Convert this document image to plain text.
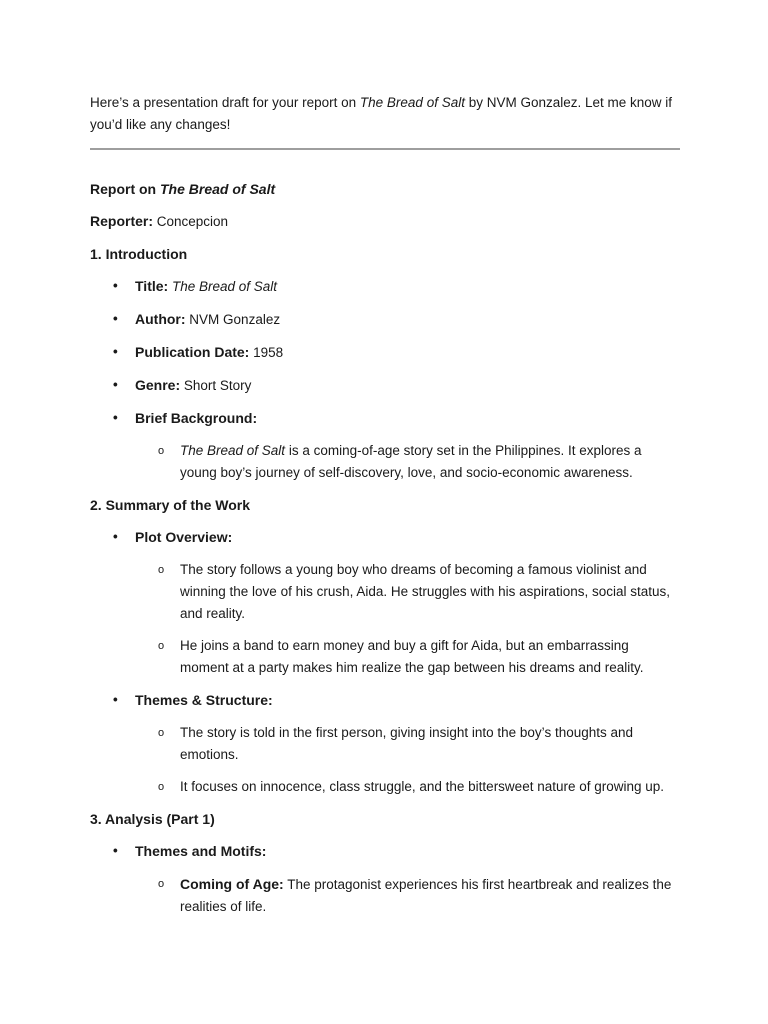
Here’s a presentation draft for your report on The Bread of Salt by NVM Gonzalez. Let me know if you’d like any changes!

Report on The Bread of Salt

Reporter: Concepcion

1. Introduction

• Title: The Bread of Salt
• Author: NVM Gonzalez
• Publication Date: 1958
• Genre: Short Story
• Brief Background:
o The Bread of Salt is a coming-of-age story set in the Philippines. It explores a young boy’s journey of self-discovery, love, and socio-economic awareness.

2. Summary of the Work

• Plot Overview:
o The story follows a young boy who dreams of becoming a famous violinist and winning the love of his crush, Aida. He struggles with his aspirations, social status, and reality.
o He joins a band to earn money and buy a gift for Aida, but an embarrassing moment at a party makes him realize the gap between his dreams and reality.
• Themes & Structure:
o The story is told in the first person, giving insight into the boy’s thoughts and emotions.
o It focuses on innocence, class struggle, and the bittersweet nature of growing up.

3. Analysis (Part 1)

• Themes and Motifs:
o Coming of Age: The protagonist experiences his first heartbreak and realizes the realities of life.
